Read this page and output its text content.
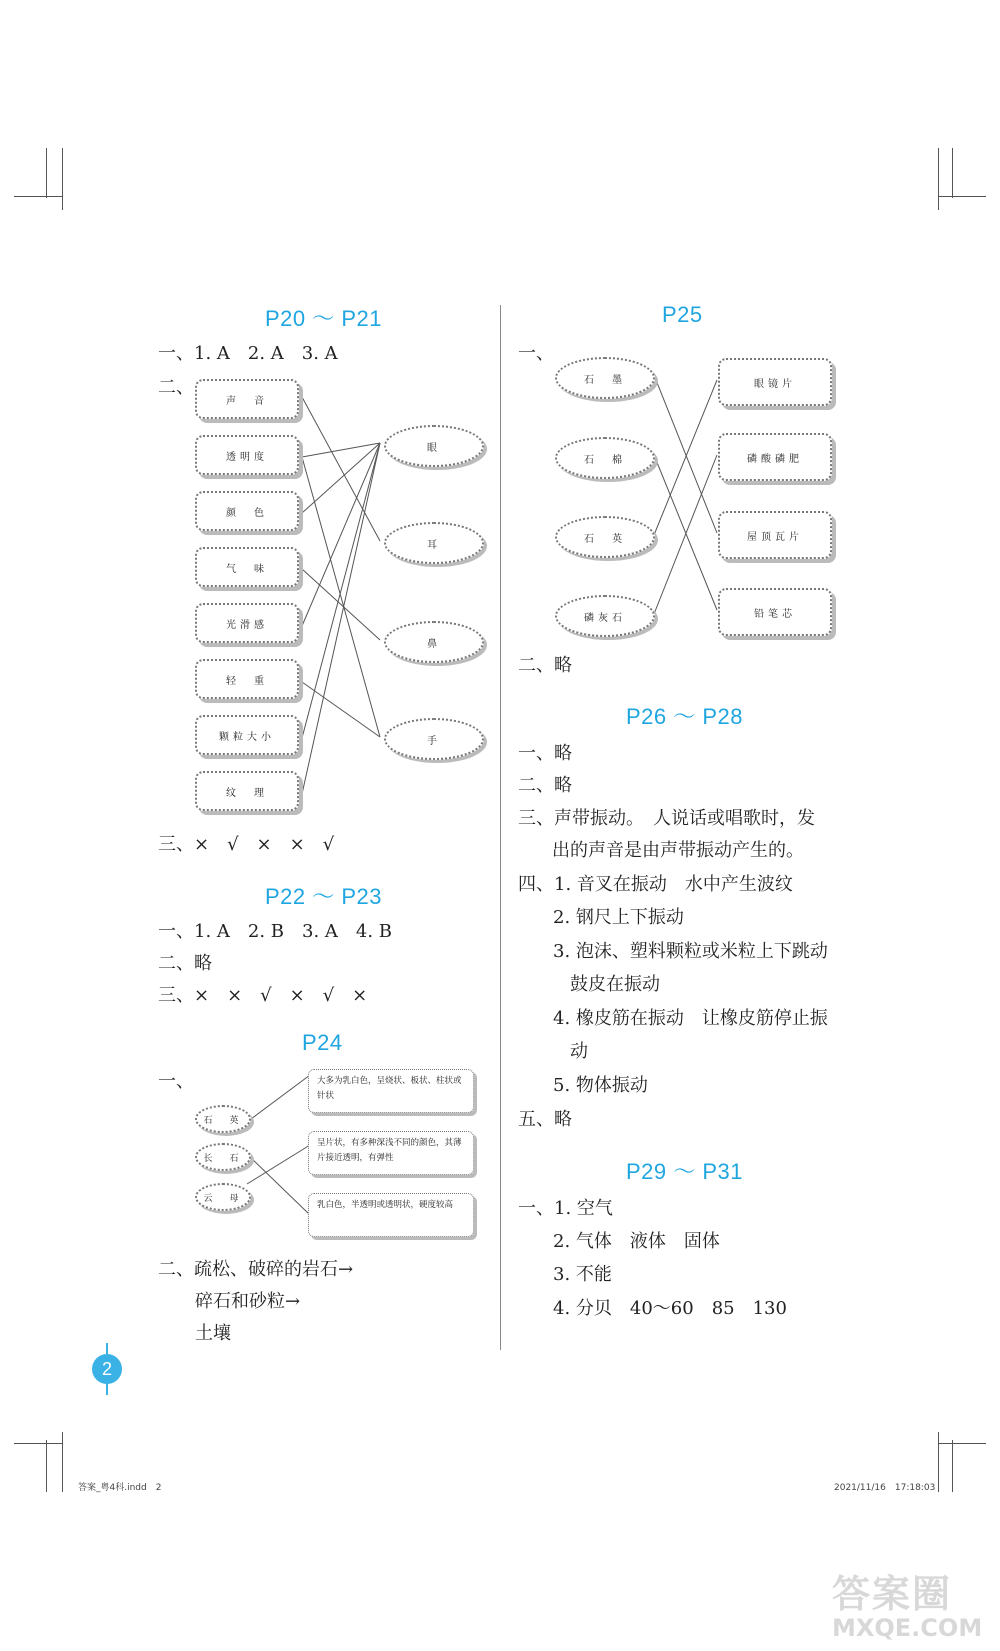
P20 ～ P21
一、1. A　2. A　3. A
二、
声　音
透明度
颜　色
气　味
光滑感
轻　重
颗粒大小
纹　理
眼
耳
鼻
手
三、×　√　×　×　√
P22 ～ P23
一、1. A　2. B　3. A　4. B
二、略
三、×　×　√　×　√　×
P24
一、
石　英
长　石
云　母
大多为乳白色，呈烧状、板状、柱状或针状
呈片状，有多种深浅不同的颜色，其薄片接近透明，有弹性
乳白色，半透明或透明状，硬度较高
二、疏松、破碎的岩石→
碎石和砂粒→
土壤
2
P25
一、
石　墨
石　棉
石　英
磷灰石
眼镜片
磷酸磷肥
屋顶瓦片
铅笔芯
二、略
P26 ～ P28
一、略
二、略
三、声带振动。　人说话或唱歌时，发
出的声音是由声带振动产生的。
四、1. 音叉在振动　水中产生波纹
2. 钢尺上下振动
3. 泡沫、塑料颗粒或米粒上下跳动
鼓皮在振动
4. 橡皮筋在振动　让橡皮筋停止振
动
5. 物体振动
五、略
P29 ～ P31
一、1. 空气
2. 气体　液体　固体
3. 不能
4. 分贝　40～60　85　130
答案_粤4科.indd　2	2021/11/16　17:18:03
答案圈
MXQE.COM
